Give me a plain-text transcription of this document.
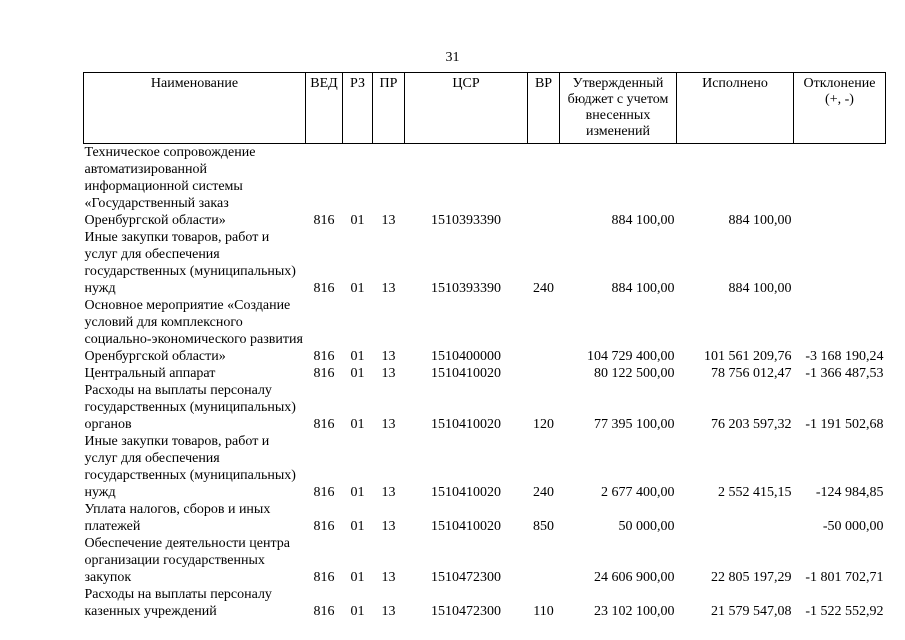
31
Наименование	ВЕД	РЗ	ПР	ЦСР	ВР	Утвержденный бюджет с учетом внесенных изменений	Исполнено	Отклонение (+, -)
Техническое сопровождение автоматизированной информационной системы «Государственный заказ Оренбургской области»	816	01	13	1510393390		884 100,00	884 100,00	
Иные закупки товаров, работ и услуг для обеспечения государственных (муниципальных) нужд	816	01	13	1510393390	240	884 100,00	884 100,00	
Основное мероприятие «Создание условий для комплексного социально-экономического развития Оренбургской области»	816	01	13	1510400000		104 729 400,00	101 561 209,76	-3 168 190,24
Центральный аппарат	816	01	13	1510410020		80 122 500,00	78 756 012,47	-1 366 487,53
Расходы на выплаты персоналу государственных (муниципальных) органов	816	01	13	1510410020	120	77 395 100,00	76 203 597,32	-1 191 502,68
Иные закупки товаров, работ и услуг для обеспечения государственных (муниципальных) нужд	816	01	13	1510410020	240	2 677 400,00	2 552 415,15	-124 984,85
Уплата налогов, сборов и иных платежей	816	01	13	1510410020	850	50 000,00		-50 000,00
Обеспечение деятельности центра организации государственных закупок	816	01	13	1510472300		24 606 900,00	22 805 197,29	-1 801 702,71
Расходы на выплаты персоналу казенных учреждений	816	01	13	1510472300	110	23 102 100,00	21 579 547,08	-1 522 552,92
